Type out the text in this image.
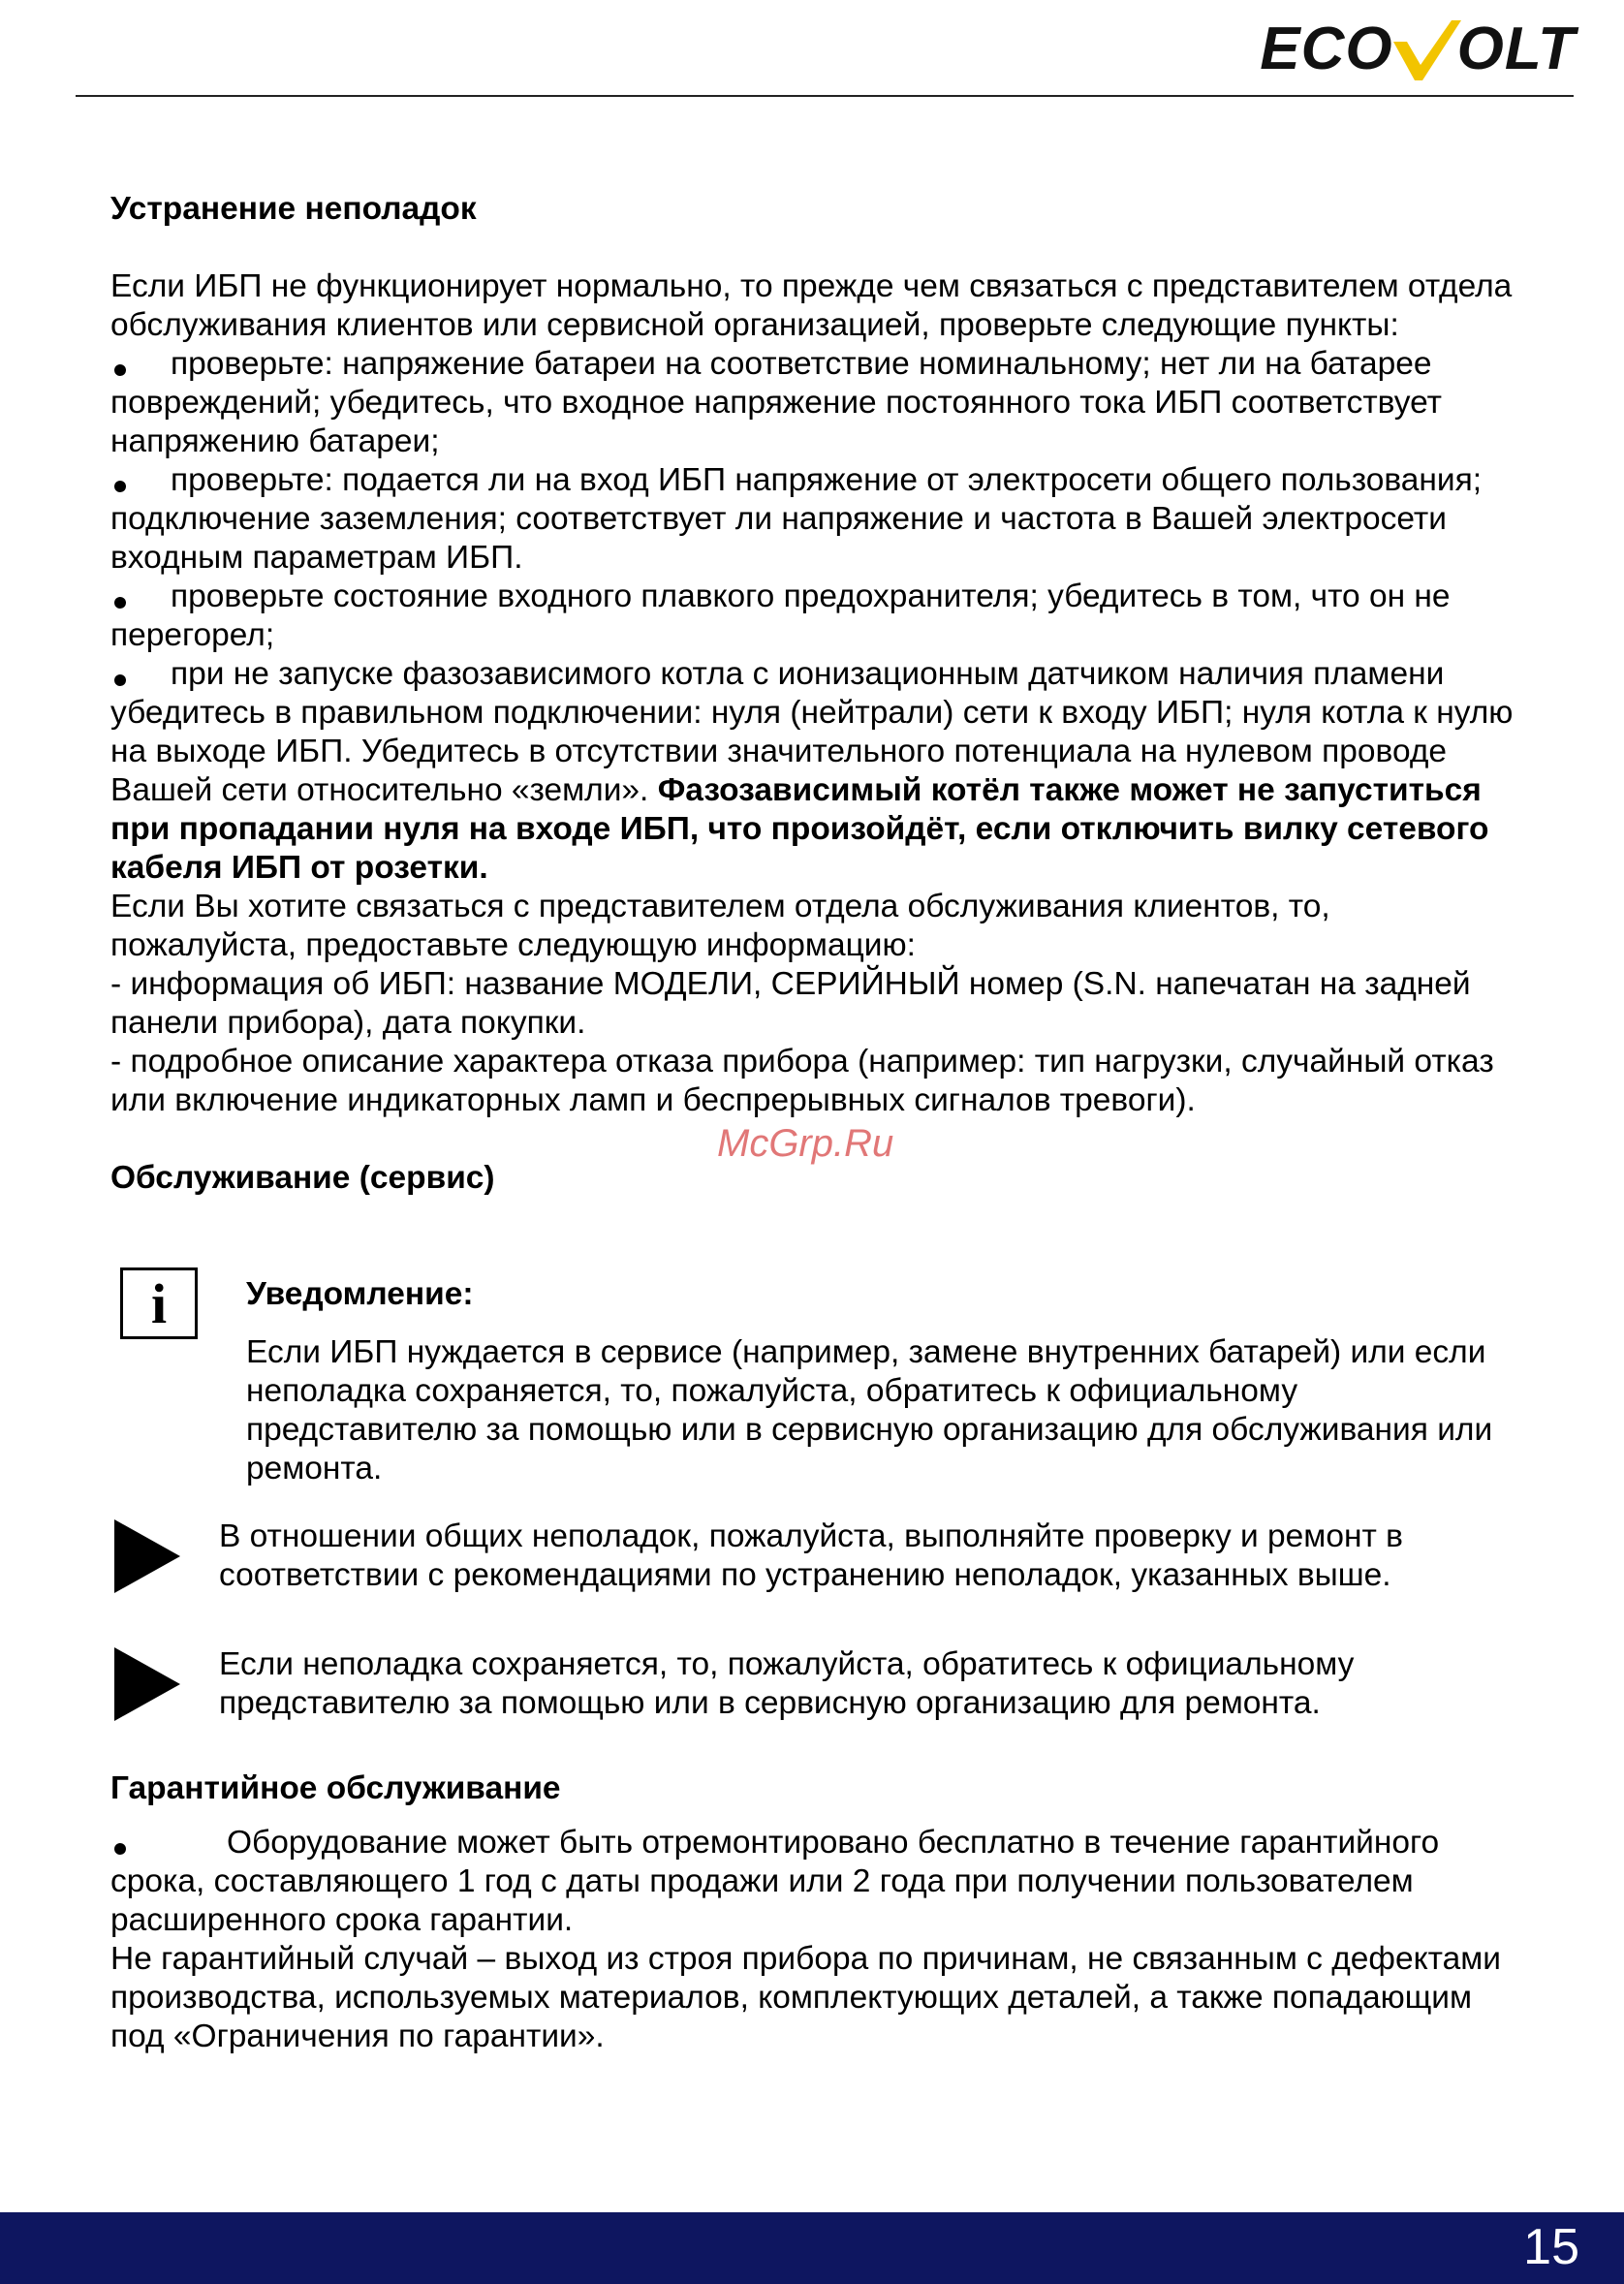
ECO OLT
Устранение неполадок

Если ИБП не функционирует нормально, то прежде чем связаться с представителем отдела обслуживания клиентов или сервисной организацией, проверьте следующие пункты:

проверьте: напряжение батареи на соответствие номинальному; нет ли на батарее повреждений; убедитесь, что входное напряжение постоянного тока ИБП соответствует напряжению батареи;

проверьте: подается ли на вход ИБП напряжение от электросети общего пользования; подключение заземления; соответствует ли напряжение и частота в Вашей электросети входным параметрам ИБП.

проверьте состояние входного плавкого предохранителя; убедитесь в том, что он не перегорел;

при не запуске фазозависимого котла с ионизационным датчиком наличия пламени убедитесь в правильном подключении: нуля (нейтрали) сети к входу ИБП; нуля котла к нулю на выходе ИБП. Убедитесь в отсутствии значительного потенциала на нулевом проводе Вашей сети относительно «земли». Фазозависимый котёл также может не запуститься при пропадании нуля на входе ИБП, что произойдёт, если отключить вилку сетевого кабеля ИБП от розетки.

Если Вы хотите связаться с представителем отдела обслуживания клиентов, то, пожалуйста, предоставьте следующую информацию:

- информация об ИБП: название МОДЕЛИ, СЕРИЙНЫЙ номер (S.N. напечатан на задней панели прибора), дата покупки.

- подробное описание характера отказа прибора (например: тип нагрузки, случайный отказ или включение индикаторных ламп и беспрерывных сигналов тревоги).

Обслуживание (сервис)
McGrp.Ru
i	Уведомление:

Если ИБП нуждается в сервисе (например, замене внутренних батарей) или если неполадка сохраняется, то, пожалуйста, обратитесь к официальному представителю за помощью или в сервисную организацию для обслуживания или ремонта.

В отношении общих неполадок, пожалуйста, выполняйте проверку и ремонт в соответствии с рекомендациями по устранению неполадок, указанных выше.

Если неполадка сохраняется, то, пожалуйста, обратитесь к официальному представителю за помощью или в сервисную организацию для ремонта.

Гарантийное обслуживание

Оборудование может быть отремонтировано бесплатно в течение гарантийного срока, составляющего 1 год с даты продажи или 2 года при получении пользователем расширенного срока гарантии.

Не гарантийный случай – выход из строя прибора по причинам, не связанным с дефектами производства, используемых материалов, комплектующих деталей, а также попадающим под «Ограничения по гарантии».

15
